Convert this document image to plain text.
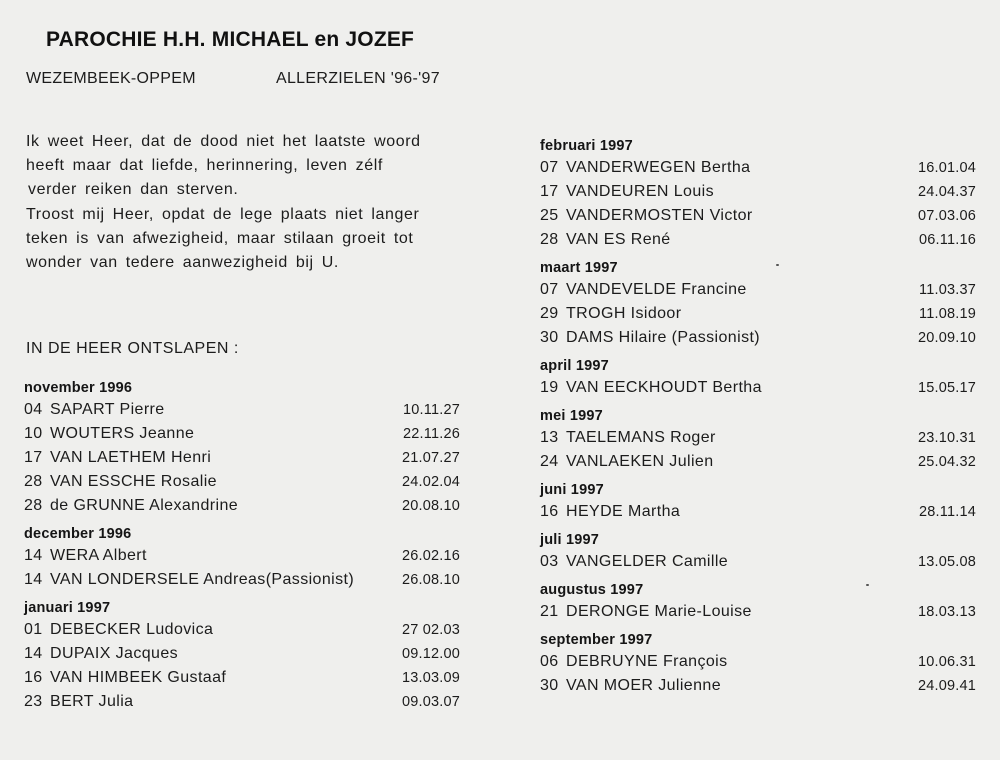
PAROCHIE H.H. MICHAEL en JOZEF
WEZEMBEEK-OPPEM	ALLERZIELEN '96-'97
Ik weet Heer, dat de dood niet het laatste woord
heeft maar dat liefde, herinnering, leven zélf
verder reiken dan sterven.
Troost mij Heer, opdat de lege plaats niet langer
teken is van afwezigheid, maar stilaan groeit tot
wonder van tedere aanwezigheid bij U.
IN DE HEER ONTSLAPEN :
november 1996
04 SAPART Pierre	10.11.27
10 WOUTERS Jeanne	22.11.26
17 VAN LAETHEM Henri	21.07.27
28 VAN ESSCHE Rosalie	24.02.04
28 de GRUNNE Alexandrine	20.08.10
december 1996
14 WERA Albert	26.02.16
14 VAN LONDERSELE Andreas(Passionist)	26.08.10
januari 1997
01 DEBECKER Ludovica	27 02.03
14 DUPAIX Jacques	09.12.00
16 VAN HIMBEEK Gustaaf	13.03.09
23 BERT Julia	09.03.07
februari 1997
07 VANDERWEGEN Bertha	16.01.04
17 VANDEUREN Louis	24.04.37
25 VANDERMOSTEN Victor	07.03.06
28 VAN ES René	06.11.16
maart 1997
07 VANDEVELDE Francine	11.03.37
29 TROGH Isidoor	11.08.19
30 DAMS Hilaire (Passionist)	20.09.10
april 1997
19 VAN EECKHOUDT Bertha	15.05.17
mei 1997
13 TAELEMANS Roger	23.10.31
24 VANLAEKEN Julien	25.04.32
juni 1997
16 HEYDE Martha	28.11.14
juli 1997
03 VANGELDER Camille	13.05.08
augustus 1997
21 DERONGE Marie-Louise	18.03.13
september 1997
06 DEBRUYNE François	10.06.31
30 VAN MOER Julienne	24.09.41
